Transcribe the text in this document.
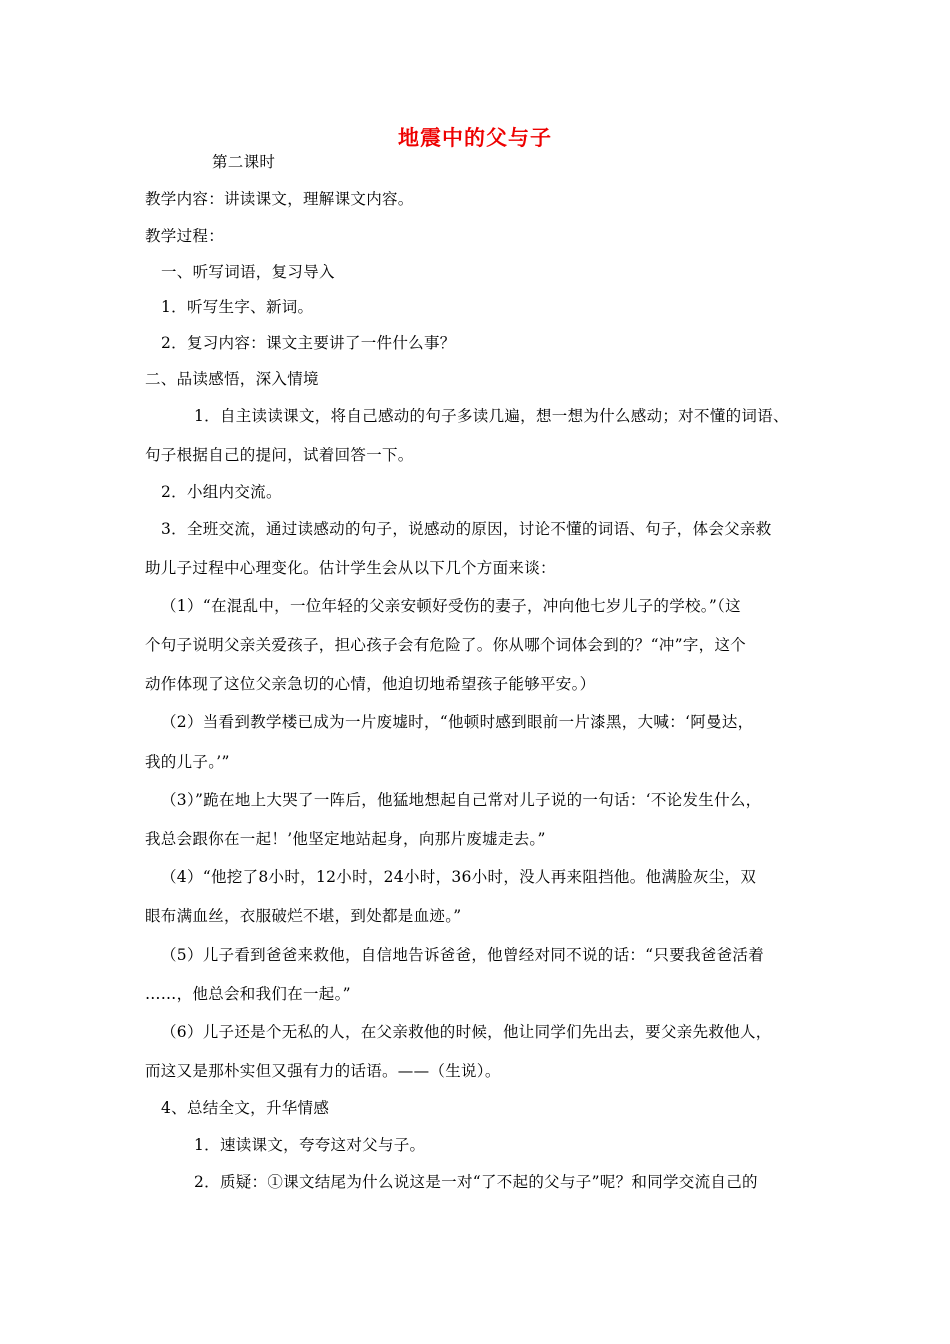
地震中的父与子
第二课时
教学内容：讲读课文，理解课文内容。
教学过程：
一、听写词语，复习导入
1．听写生字、新词。
2．复习内容：课文主要讲了一件什么事？
二、品读感悟，深入情境
1．自主读读课文，将自己感动的句子多读几遍，想一想为什么感动；对不懂的词语、
句子根据自己的提问，试着回答一下。
2．小组内交流。
3．全班交流，通过读感动的句子，说感动的原因，讨论不懂的词语、句子，体会父亲救
助儿子过程中心理变化。估计学生会从以下几个方面来谈：
（1）“在混乱中，一位年轻的父亲安顿好受伤的妻子，冲向他七岁儿子的学校。”（这
个句子说明父亲关爱孩子，担心孩子会有危险了。你从哪个词体会到的？“冲”字，这个
动作体现了这位父亲急切的心情，他迫切地希望孩子能够平安。）
（2）当看到教学楼已成为一片废墟时，“他顿时感到眼前一片漆黑，大喊：‘阿曼达，
我的儿子。’”
（3）”跪在地上大哭了一阵后，他猛地想起自己常对儿子说的一句话：‘不论发生什么，
我总会跟你在一起！’他坚定地站起身，向那片废墟走去。”
（4）“他挖了8小时，12小时，24小时，36小时，没人再来阻挡他。他满脸灰尘，双
眼布满血丝，衣服破烂不堪，到处都是血迹。”
（5）儿子看到爸爸来救他，自信地告诉爸爸，他曾经对同不说的话：“只要我爸爸活着
……，他总会和我们在一起。”
（6）儿子还是个无私的人，在父亲救他的时候，他让同学们先出去，要父亲先救他人，
而这又是那朴实但又强有力的话语。——（生说）。
4、总结全文，升华情感
1．速读课文，夸夸这对父与子。
2．质疑：①课文结尾为什么说这是一对“了不起的父与子”呢？和同学交流自己的
